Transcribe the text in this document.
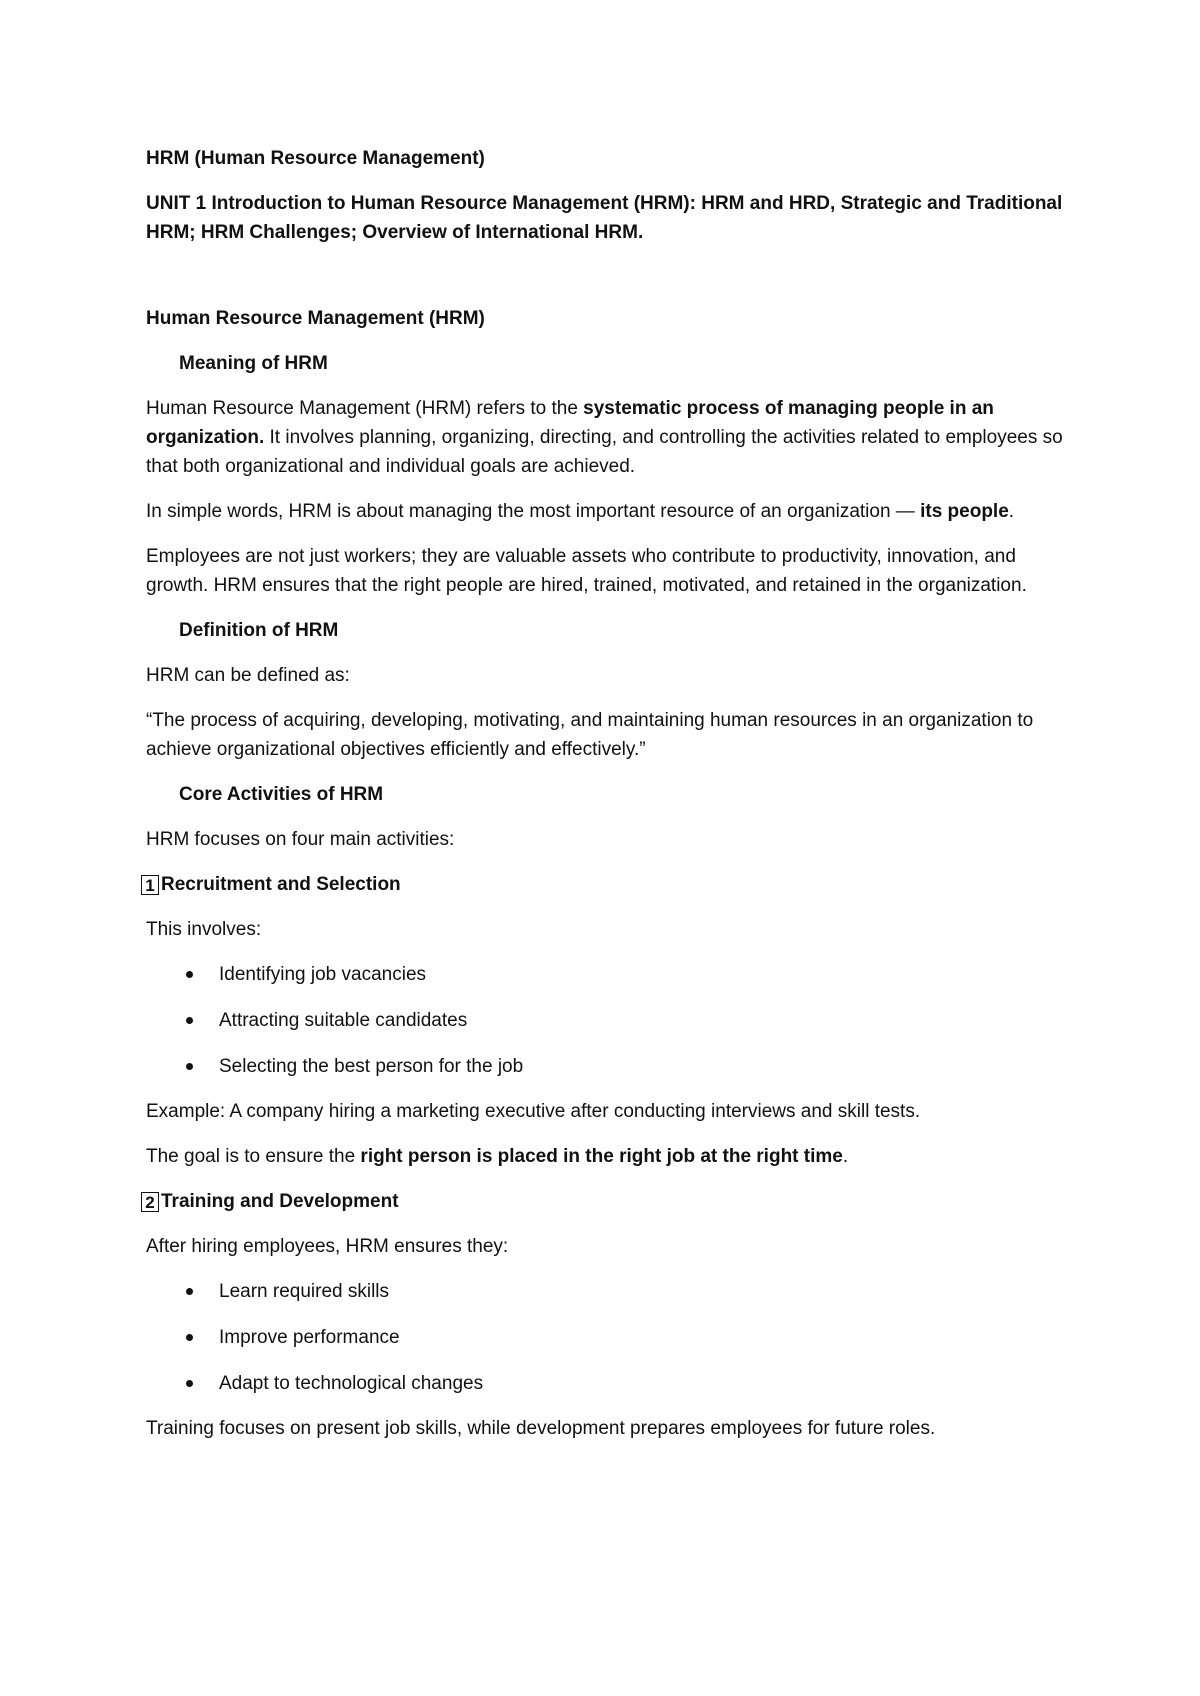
HRM (Human Resource Management)

UNIT 1 Introduction to Human Resource Management (HRM): HRM and HRD, Strategic and Traditional HRM; HRM Challenges; Overview of International HRM.

Human Resource Management (HRM)

Meaning of HRM

Human Resource Management (HRM) refers to the systematic process of managing people in an organization. It involves planning, organizing, directing, and controlling the activities related to employees so that both organizational and individual goals are achieved.

In simple words, HRM is about managing the most important resource of an organization — its people.

Employees are not just workers; they are valuable assets who contribute to productivity, innovation, and growth. HRM ensures that the right people are hired, trained, motivated, and retained in the organization.

Definition of HRM

HRM can be defined as:

“The process of acquiring, developing, motivating, and maintaining human resources in an organization to achieve organizational objectives efficiently and effectively.”

Core Activities of HRM

HRM focuses on four main activities:

1 Recruitment and Selection

This involves:

Identifying job vacancies
Attracting suitable candidates
Selecting the best person for the job

Example: A company hiring a marketing executive after conducting interviews and skill tests.

The goal is to ensure the right person is placed in the right job at the right time.

2 Training and Development

After hiring employees, HRM ensures they:

Learn required skills
Improve performance
Adapt to technological changes

Training focuses on present job skills, while development prepares employees for future roles.
